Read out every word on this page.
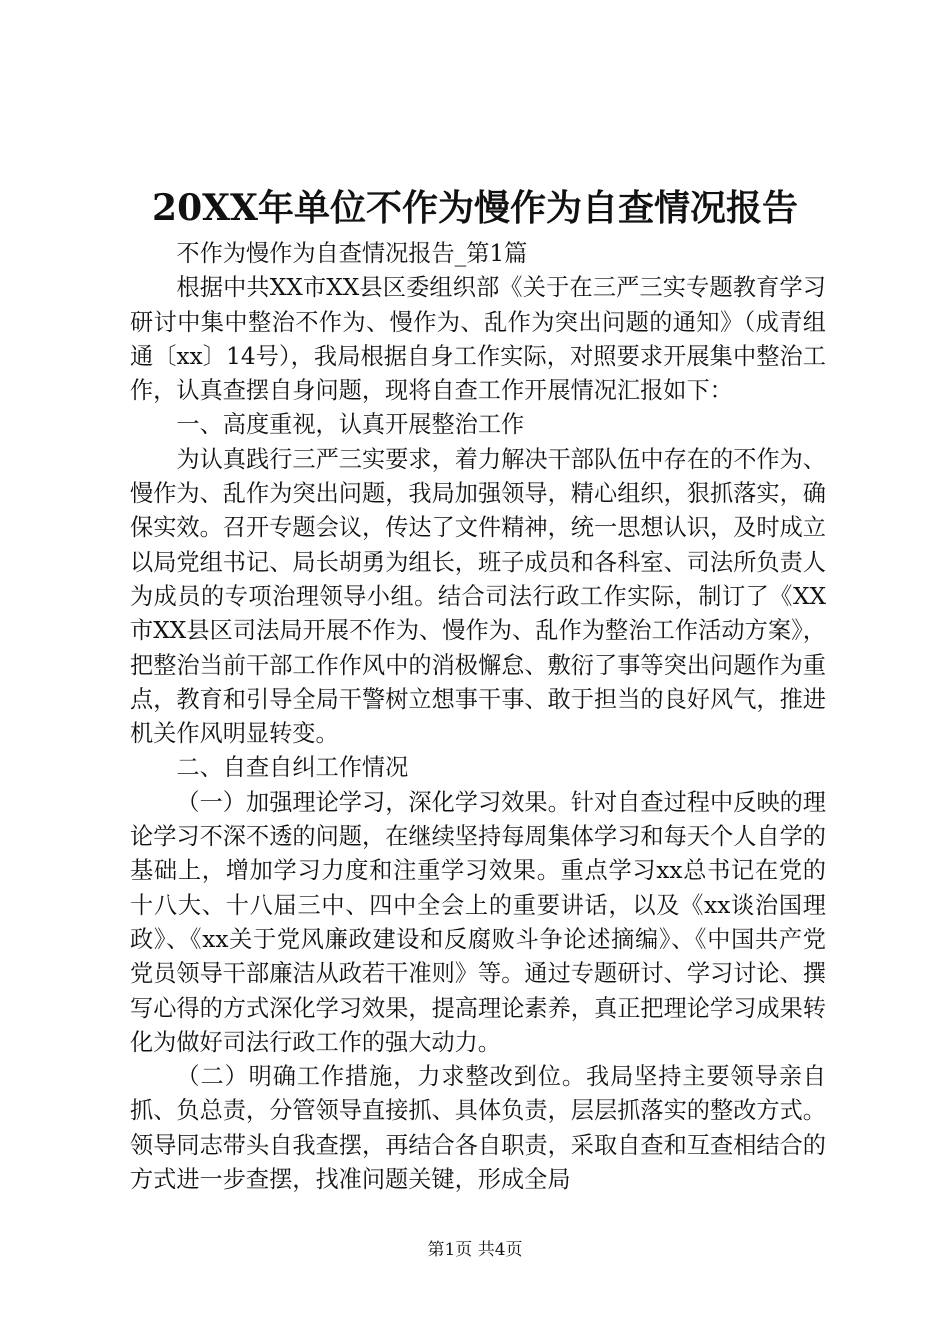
20XX年单位不作为慢作为自查情况报告

不作为慢作为自查情况报告_第1篇

根据中共XX市XX县区委组织部《关于在三严三实专题教育学习研讨中集中整治不作为、慢作为、乱作为突出问题的通知》（成青组通〔xx〕14号），我局根据自身工作实际，对照要求开展集中整治工作，认真查摆自身问题，现将自查工作开展情况汇报如下：

一、高度重视，认真开展整治工作

为认真践行三严三实要求，着力解决干部队伍中存在的不作为、慢作为、乱作为突出问题，我局加强领导，精心组织，狠抓落实，确保实效。召开专题会议，传达了文件精神，统一思想认识，及时成立以局党组书记、局长胡勇为组长，班子成员和各科室、司法所负责人为成员的专项治理领导小组。结合司法行政工作实际，制订了《XX市XX县区司法局开展不作为、慢作为、乱作为整治工作活动方案》，把整治当前干部工作作风中的消极懈怠、敷衍了事等突出问题作为重点，教育和引导全局干警树立想事干事、敢于担当的良好风气，推进机关作风明显转变。

二、自查自纠工作情况

（一）加强理论学习，深化学习效果。针对自查过程中反映的理论学习不深不透的问题，在继续坚持每周集体学习和每天个人自学的基础上，增加学习力度和注重学习效果。重点学习xx总书记在党的十八大、十八届三中、四中全会上的重要讲话，以及《xx谈治国理政》、《xx关于党风廉政建设和反腐败斗争论述摘编》、《中国共产党党员领导干部廉洁从政若干准则》等。通过专题研讨、学习讨论、撰写心得的方式深化学习效果，提高理论素养，真正把理论学习成果转化为做好司法行政工作的强大动力。

（二）明确工作措施，力求整改到位。我局坚持主要领导亲自抓、负总责，分管领导直接抓、具体负责，层层抓落实的整改方式。领导同志带头自我查摆，再结合各自职责，采取自查和互查相结合的方式进一步查摆，找准问题关键，形成全局

第1页 共4页
